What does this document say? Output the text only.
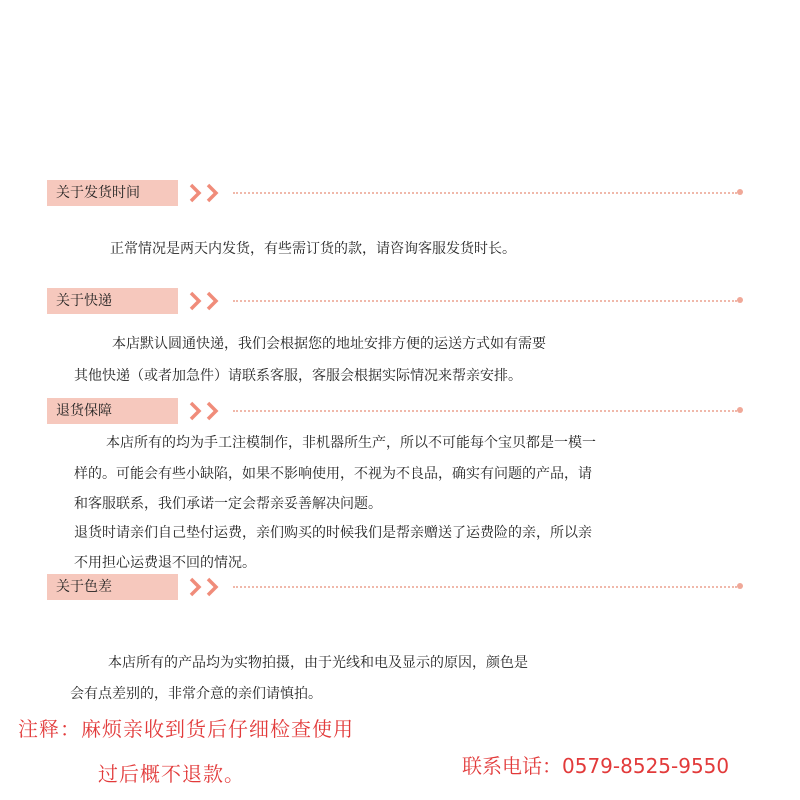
关于发货时间
正常情况是两天内发货，有些需订货的款，请咨询客服发货时长。
关于快递
本店默认圆通快递，我们会根据您的地址安排方便的运送方式如有需要
其他快递（或者加急件）请联系客服，客服会根据实际情况来帮亲安排。
退货保障
本店所有的均为手工注模制作，非机器所生产，所以不可能每个宝贝都是一模一
样的。可能会有些小缺陷，如果不影响使用，不视为不良品，确实有问题的产品，请
和客服联系，我们承诺一定会帮亲妥善解决问题。
退货时请亲们自己垫付运费，亲们购买的时候我们是帮亲赠送了运费险的亲，所以亲
不用担心运费退不回的情况。
关于色差
本店所有的产品均为实物拍摄，由于光线和电及显示的原因，颜色是
会有点差别的，非常介意的亲们请慎拍。
注释：麻烦亲收到货后仔细检查使用
过后概不退款。	联系电话：0579-8525-9550
